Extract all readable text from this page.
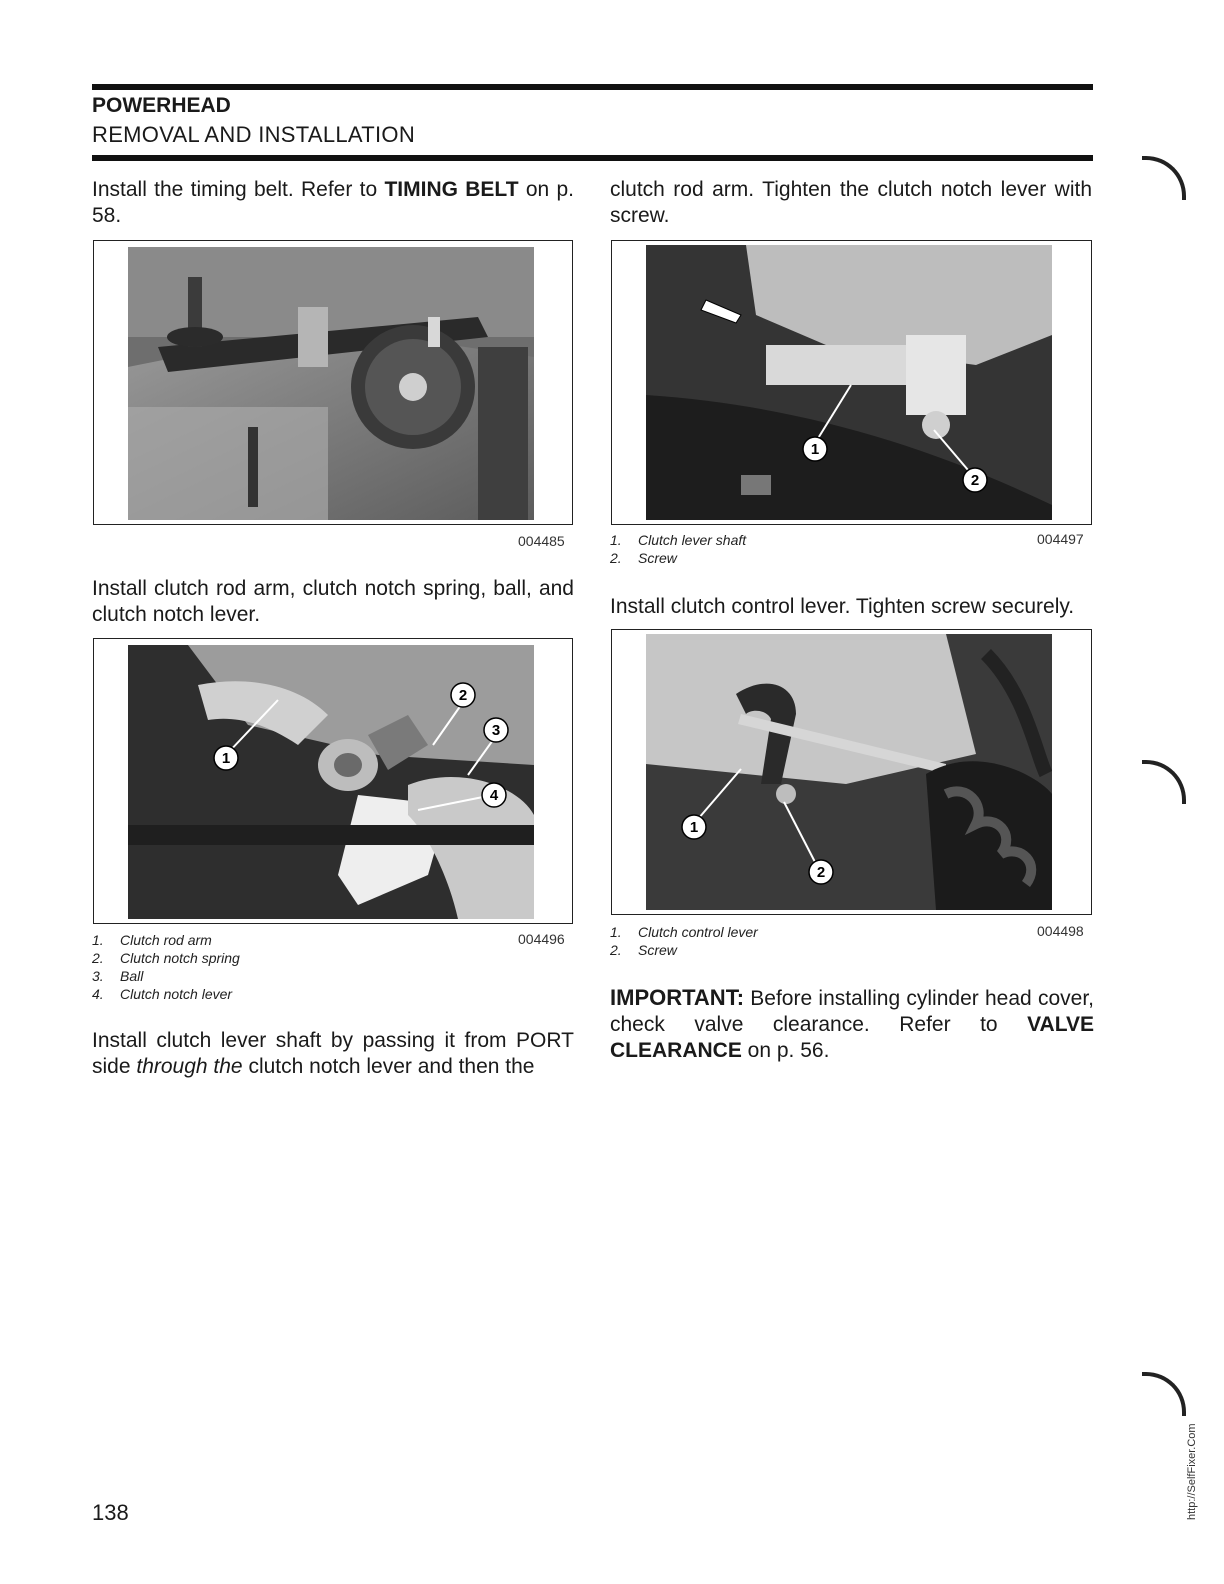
POWERHEAD
REMOVAL AND INSTALLATION
Install the timing belt. Refer to TIMING BELT on p. 58.
004485
Install clutch rod arm, clutch notch spring, ball, and clutch notch lever.
1
2
3
4
004496
1. Clutch rod arm
2. Clutch notch spring
3. Ball
4. Clutch notch lever
Install clutch lever shaft by passing it from PORT side through the clutch notch lever and then the
clutch rod arm. Tighten the clutch notch lever with screw.
1
2
004497
1. Clutch lever shaft
2. Screw
Install clutch control lever. Tighten screw securely.
1
2
004498
1. Clutch control lever
2. Screw
IMPORTANT: Before installing cylinder head cover, check valve clearance. Refer to VALVE CLEARANCE on p. 56.
138	http://SelfFixer.Com
